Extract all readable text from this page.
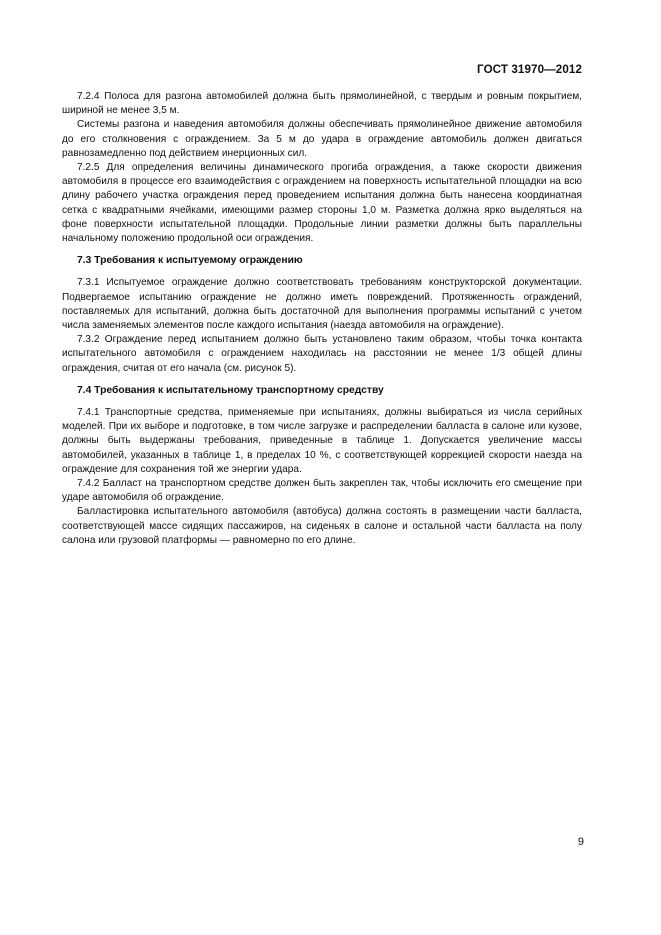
ГОСТ 31970—2012

7.2.4 Полоса для разгона автомобилей должна быть прямолинейной, с твердым и ровным покрытием, шириной не менее 3,5 м.

Системы разгона и наведения автомобиля должны обеспечивать прямолинейное движение автомобиля до его столкновения с ограждением. За 5 м до удара в ограждение автомобиль должен двигаться равнозамедленно под действием инерционных сил.

7.2.5 Для определения величины динамического прогиба ограждения, а также скорости движения автомобиля в процессе его взаимодействия с ограждением на поверхность испытательной площадки на всю длину рабочего участка ограждения перед проведением испытания должна быть нанесена координатная сетка с квадратными ячейками, имеющими размер стороны 1,0 м. Разметка должна ярко выделяться на фоне поверхности испытательной площадки. Продольные линии разметки должны быть параллельны начальному положению продольной оси ограждения.

7.3 Требования к испытуемому ограждению

7.3.1 Испытуемое ограждение должно соответствовать требованиям конструкторской документации. Подвергаемое испытанию ограждение не должно иметь повреждений. Протяженность ограждений, поставляемых для испытаний, должна быть достаточной для выполнения программы испытаний с учетом числа заменяемых элементов после каждого испытания (наезда автомобиля на ограждение).

7.3.2 Ограждение перед испытанием должно быть установлено таким образом, чтобы точка контакта испытательного автомобиля с ограждением находилась на расстоянии не менее 1/3 общей длины ограждения, считая от его начала (см. рисунок 5).

7.4 Требования к испытательному транспортному средству

7.4.1 Транспортные средства, применяемые при испытаниях, должны выбираться из числа серийных моделей. При их выборе и подготовке, в том числе загрузке и распределении балласта в салоне или кузове, должны быть выдержаны требования, приведенные в таблице 1. Допускается увеличение массы автомобилей, указанных в таблице 1, в пределах 10 %, с соответствующей коррекцией скорости наезда на ограждение для сохранения той же энергии удара.

7.4.2 Балласт на транспортном средстве должен быть закреплен так, чтобы исключить его смещение при ударе автомобиля об ограждение.

Балластировка испытательного автомобиля (автобуса) должна состоять в размещении части балласта, соответствующей массе сидящих пассажиров, на сиденьях в салоне и остальной части балласта на полу салона или грузовой платформы — равномерно по его длине.

9
